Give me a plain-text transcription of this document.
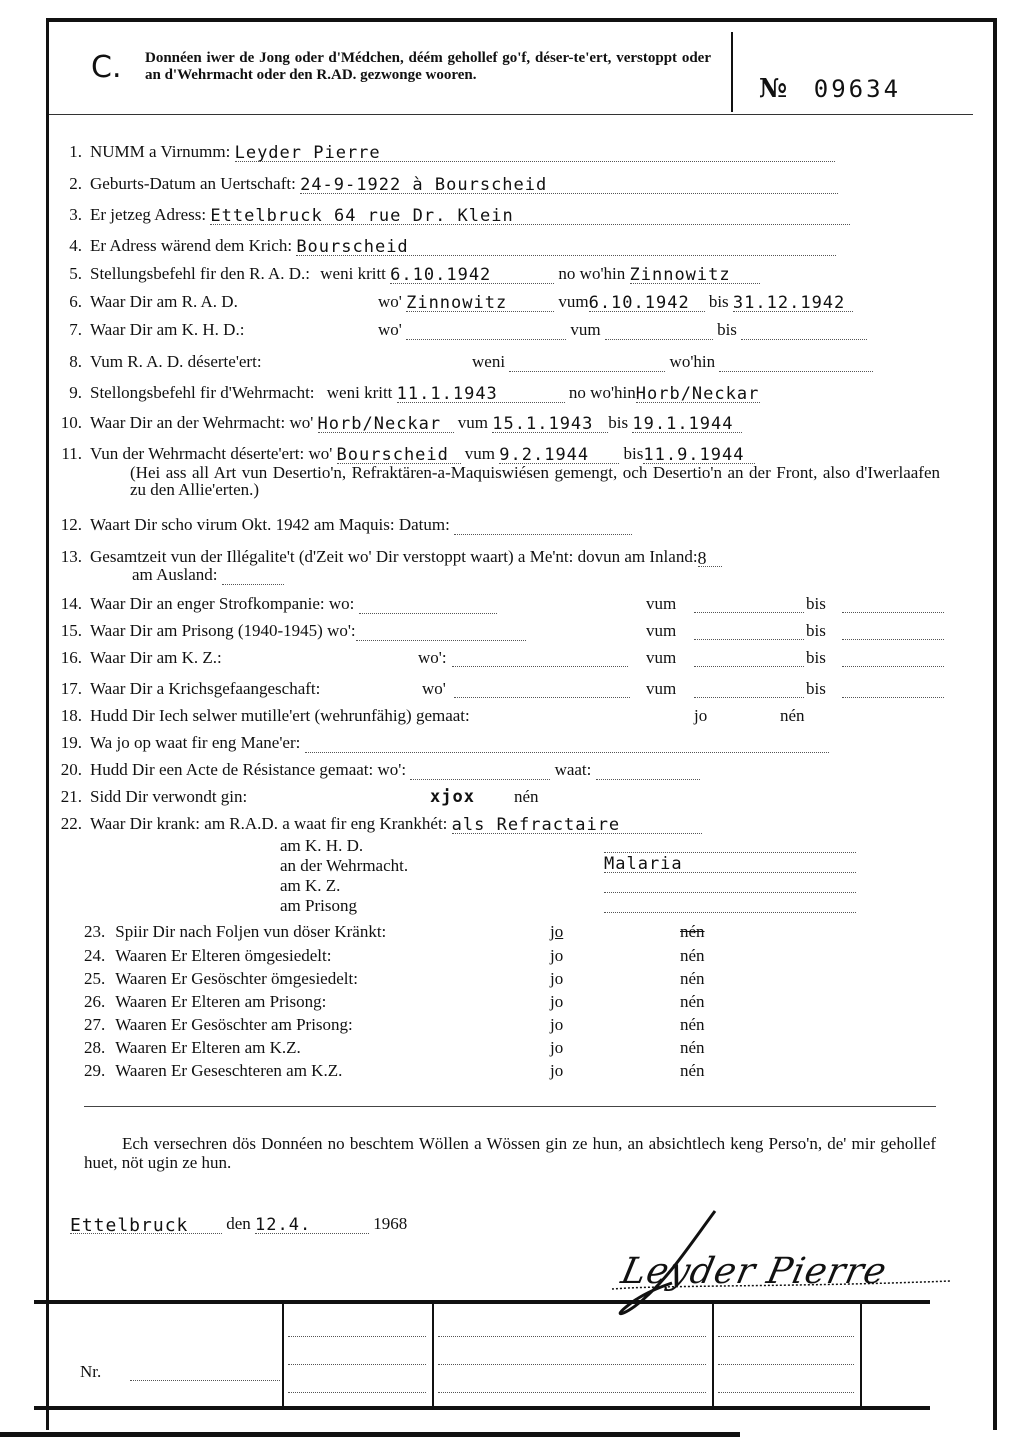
C. Donnéen iwer de Jong oder d'Médchen, déém gehollef go'f, déser-te'ert, verstoppt oder an d'Wehrmacht oder den R.AD. gezwonge wooren.	№ 09634
1. NUMM a Virnumm: Leyder Pierre
2. Geburts-Datum an Uertschaft: 24-9-1922 à Bourscheid
3. Er jetzeg Adress: Ettelbruck 64 rue Dr. Klein
4. Er Adress wärend dem Krich: Bourscheid
5. Stellungsbefehl fir den R. A. D.: weni kritt 6.10.1942	no wo'hin Zinnowitz
6. Waar Dir am R. A. D.	wo' Zinnowitz	vum6.10.1942 bis 31.12.1942
7. Waar Dir am K. H. D.:	wo'	vum	bis
8. Vum R. A. D. déserte'ert:	weni	wo'hin
9. Stellongsbefehl fir d'Wehrmacht: weni kritt 11.1.1943	no wo'hinHorb/Neckar
10. Waar Dir an der Wehrmacht: wo' Horb/Neckar vum 15.1.1943 bis 19.1.1944
11. Vun der Wehrmacht déserte'ert: wo' Bourscheid vum 9.2.1944 bis11.9.1944
(Hei ass all Art vun Desertio'n, Refraktären-a-Maquiswiésen gemengt, och Desertio'n an der Front, also d'Iwerlaafen zu den Allie'erten.)
12. Waart Dir scho virum Okt. 1942 am Maquis: Datum:
13. Gesamtzeit vun der Illégalite't (d'Zeit wo' Dir verstoppt waart) a Me'nt: dovun am Inland:8
am Ausland:
14. Waar Dir an enger Strofkompanie: wo:	vum	bis
15. Waar Dir am Prisong (1940-1945) wo':	vum	bis
16. Waar Dir am K. Z.:	wo':	vum	bis
17. Waar Dir a Krichsgefaangeschaft:	wo'	vum	bis
18. Hudd Dir Iech selwer mutille'ert (wehrunfähig) gemaat:	jo	nén
19. Wa jo op waat fir eng Mane'er:
20. Hudd Dir een Acte de Résistance gemaat: wo':	waat:
21. Sidd Dir verwondt gin:	xjox nén
22. Waar Dir krank: am R.A.D. a waat fir eng Krankhét: als Refractaire
am K. H. D.
an der Wehrmacht.	Malaria
am K. Z.
am Prisong
23. Spiir Dir nach Foljen vun döser Kränkt:	jo	nén
24. Waaren Er Elteren ömgesiedelt:	jo	nén
25. Waaren Er Gesöschter ömgesiedelt:	jo	nén
26. Waaren Er Elteren am Prisong:	jo	nén
27. Waaren Er Gesöschter am Prisong:	jo	nén
28. Waaren Er Elteren am K.Z.	jo	nén
29. Waaren Er Geseschteren am K.Z.	jo	nén
Ech versechren dös Donnéen no beschtem Wöllen a Wössen gin ze hun, an absichtlech keng Perso'n, de' mir gehollef huet, nöt ugin ze hun.
Ettelbruck den 12.4.	1968
Leyder Pierre
Nr.
